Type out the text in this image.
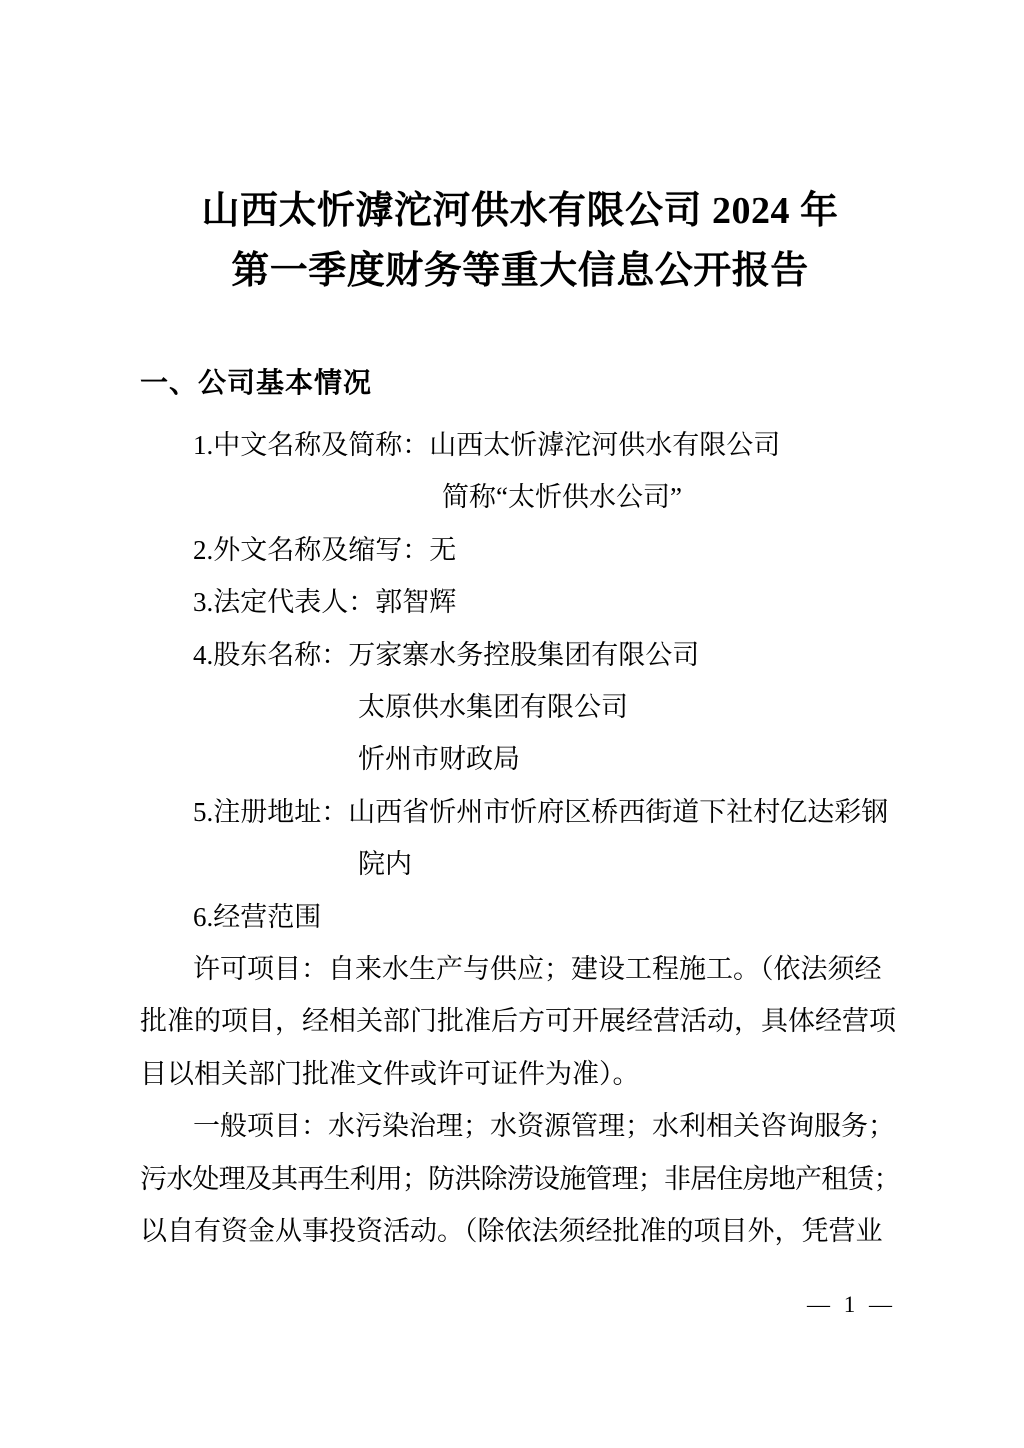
山西太忻滹沱河供水有限公司 2024 年
第一季度财务等重大信息公开报告
一、公司基本情况
1.中文名称及简称：山西太忻滹沱河供水有限公司
简称“太忻供水公司”
2.外文名称及缩写：无
3.法定代表人：郭智辉
4.股东名称：万家寨水务控股集团有限公司
太原供水集团有限公司
忻州市财政局
5.注册地址：山西省忻州市忻府区桥西街道下社村亿达彩钢
院内
6.经营范围
许可项目：自来水生产与供应；建设工程施工。（依法须经
批准的项目，经相关部门批准后方可开展经营活动，具体经营项
目以相关部门批准文件或许可证件为准）。
一般项目：水污染治理；水资源管理；水利相关咨询服务；
污水处理及其再生利用；防洪除涝设施管理；非居住房地产租赁；
以自有资金从事投资活动。（除依法须经批准的项目外，凭营业
— 1 —
